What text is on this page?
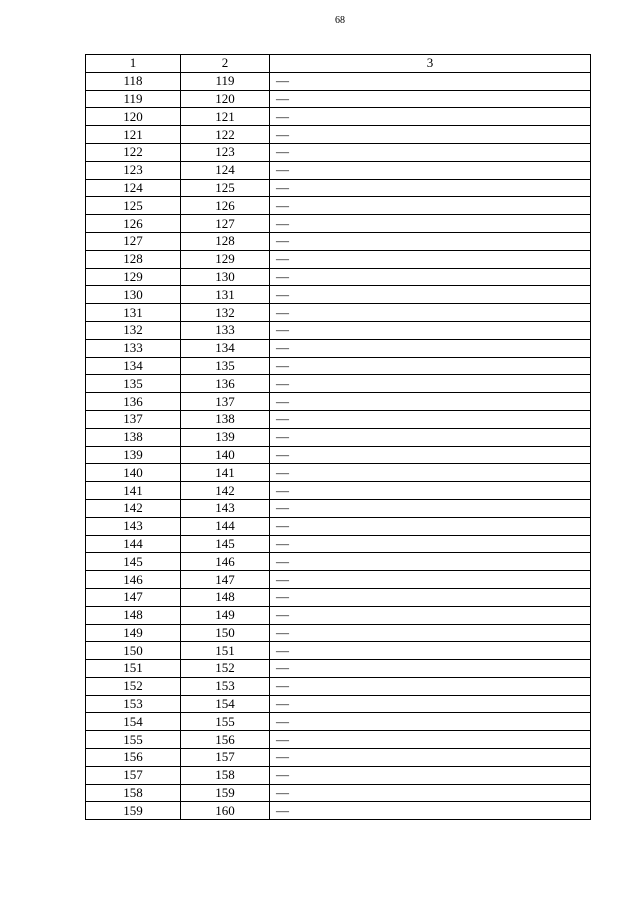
68
1	2	3
118	119	—
119	120	—
120	121	—
121	122	—
122	123	—
123	124	—
124	125	—
125	126	—
126	127	—
127	128	—
128	129	—
129	130	—
130	131	—
131	132	—
132	133	—
133	134	—
134	135	—
135	136	—
136	137	—
137	138	—
138	139	—
139	140	—
140	141	—
141	142	—
142	143	—
143	144	—
144	145	—
145	146	—
146	147	—
147	148	—
148	149	—
149	150	—
150	151	—
151	152	—
152	153	—
153	154	—
154	155	—
155	156	—
156	157	—
157	158	—
158	159	—
159	160	—
